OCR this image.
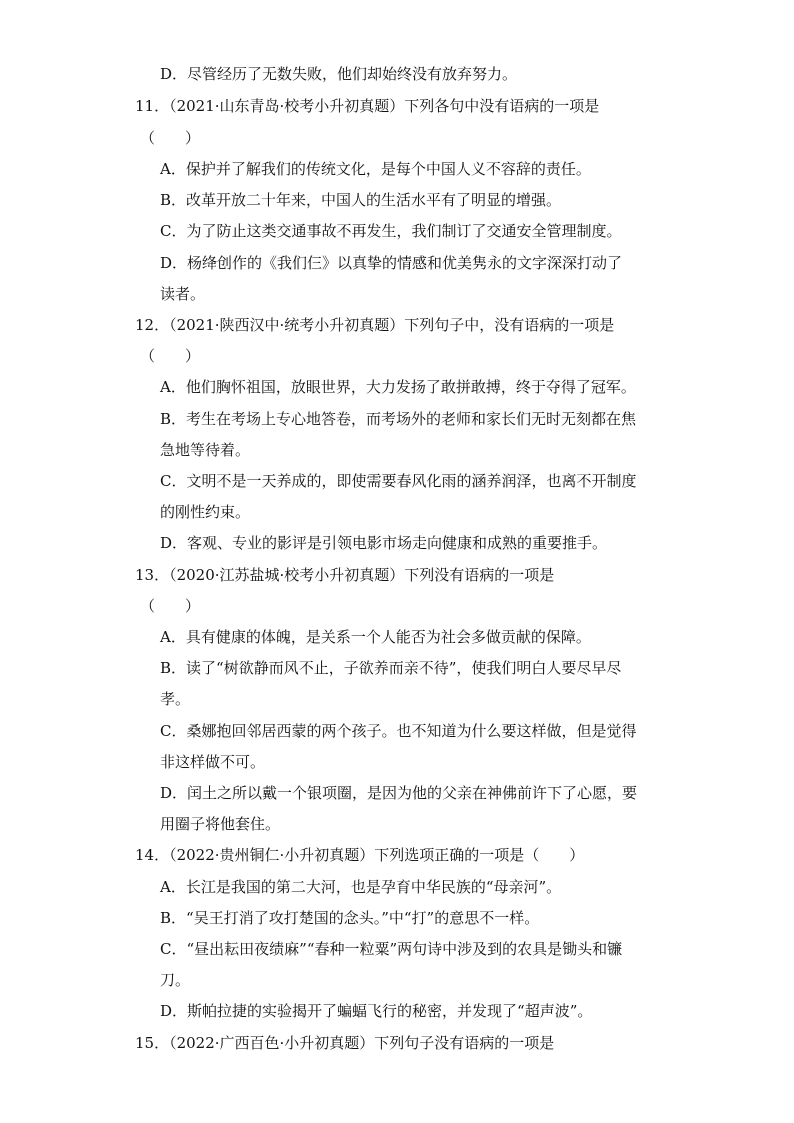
D．尽管经历了无数失败，他们却始终没有放弃努力。
11．（2021·山东青岛·校考小升初真题）下列各句中没有语病的一项是
（　　）
A．保护并了解我们的传统文化，是每个中国人义不容辞的责任。
B．改革开放二十年来，中国人的生活水平有了明显的增强。
C．为了防止这类交通事故不再发生，我们制订了交通安全管理制度。
D．杨绛创作的《我们仨》以真挚的情感和优美隽永的文字深深打动了
读者。
12．（2021·陕西汉中·统考小升初真题）下列句子中，没有语病的一项是
（　　）
A．他们胸怀祖国，放眼世界，大力发扬了敢拼敢搏，终于夺得了冠军。
B．考生在考场上专心地答卷，而考场外的老师和家长们无时无刻都在焦
急地等待着。
C．文明不是一天养成的，即使需要春风化雨的涵养润泽，也离不开制度
的刚性约束。
D．客观、专业的影评是引领电影市场走向健康和成熟的重要推手。
13．（2020·江苏盐城·校考小升初真题）下列没有语病的一项是
（　　）
A．具有健康的体魄，是关系一个人能否为社会多做贡献的保障。
B．读了“树欲静而风不止，子欲养而亲不待”，使我们明白人要尽早尽
孝。
C．桑娜抱回邻居西蒙的两个孩子。也不知道为什么要这样做，但是觉得
非这样做不可。
D．闰土之所以戴一个银项圈，是因为他的父亲在神佛前许下了心愿，要
用圈子将他套住。
14．（2022·贵州铜仁·小升初真题）下列选项正确的一项是（　　）
A．长江是我国的第二大河，也是孕育中华民族的“母亲河”。
B．“吴王打消了攻打楚国的念头。”中“打”的意思不一样。
C．“昼出耘田夜绩麻”“春种一粒粟”两句诗中涉及到的农具是锄头和镰
刀。
D．斯帕拉捷的实验揭开了蝙蝠飞行的秘密，并发现了“超声波”。
15．（2022·广西百色·小升初真题）下列句子没有语病的一项是
